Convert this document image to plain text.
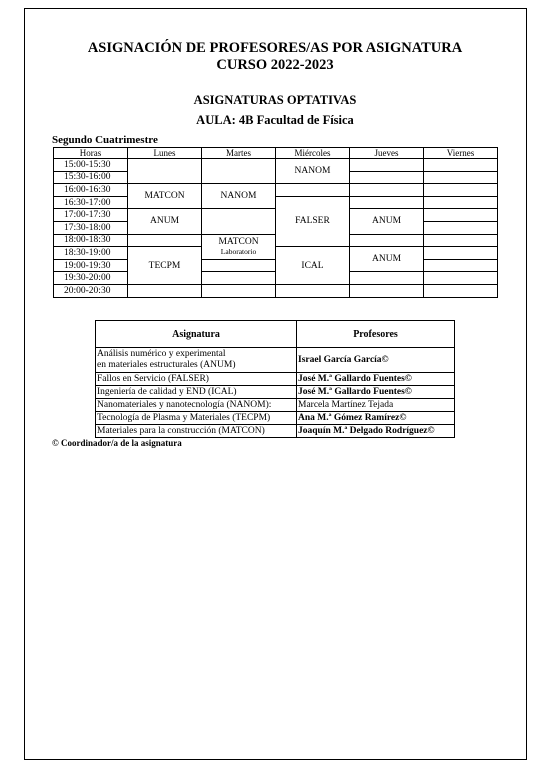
ASIGNACIÓN DE PROFESORES/AS POR ASIGNATURA
CURSO 2022-2023
ASIGNATURAS OPTATIVAS
AULA: 4B Facultad de Física
Segundo Cuatrimestre
Horas	Lunes	Martes	Miércoles	Jueves	Viernes
15:00-15:30			NANOM		
15:30-16:00					
16:00-16:30	MATCON	NANOM			
16:30-17:00			FALSER		
17:00-17:30	ANUM			ANUM	
17:30-18:00					
18:00-18:30		MATCON
Laboratorio			

18:30-19:00	TECPM		ICAL	ANUM	
19:00-19:30					
19:30-20:00					
20:00-20:30					
Asignatura	Profesores

Análisis numérico y experimental
en materiales estructurales (ANUM)	Israel García García©
Fallos en Servicio (FALSER)	José M.ª Gallardo Fuentes©
Ingeniería de calidad y END (ICAL)	José M.ª Gallardo Fuentes©
Nanomateriales y nanotecnología (NANOM):	Marcela Martínez Tejada
Tecnología de Plasma y Materiales (TECPM)	Ana M.ª Gómez Ramírez©
Materiales para la construcción (MATCON)	Joaquín M.ª Delgado Rodríguez©
© Coordinador/a de la asignatura
